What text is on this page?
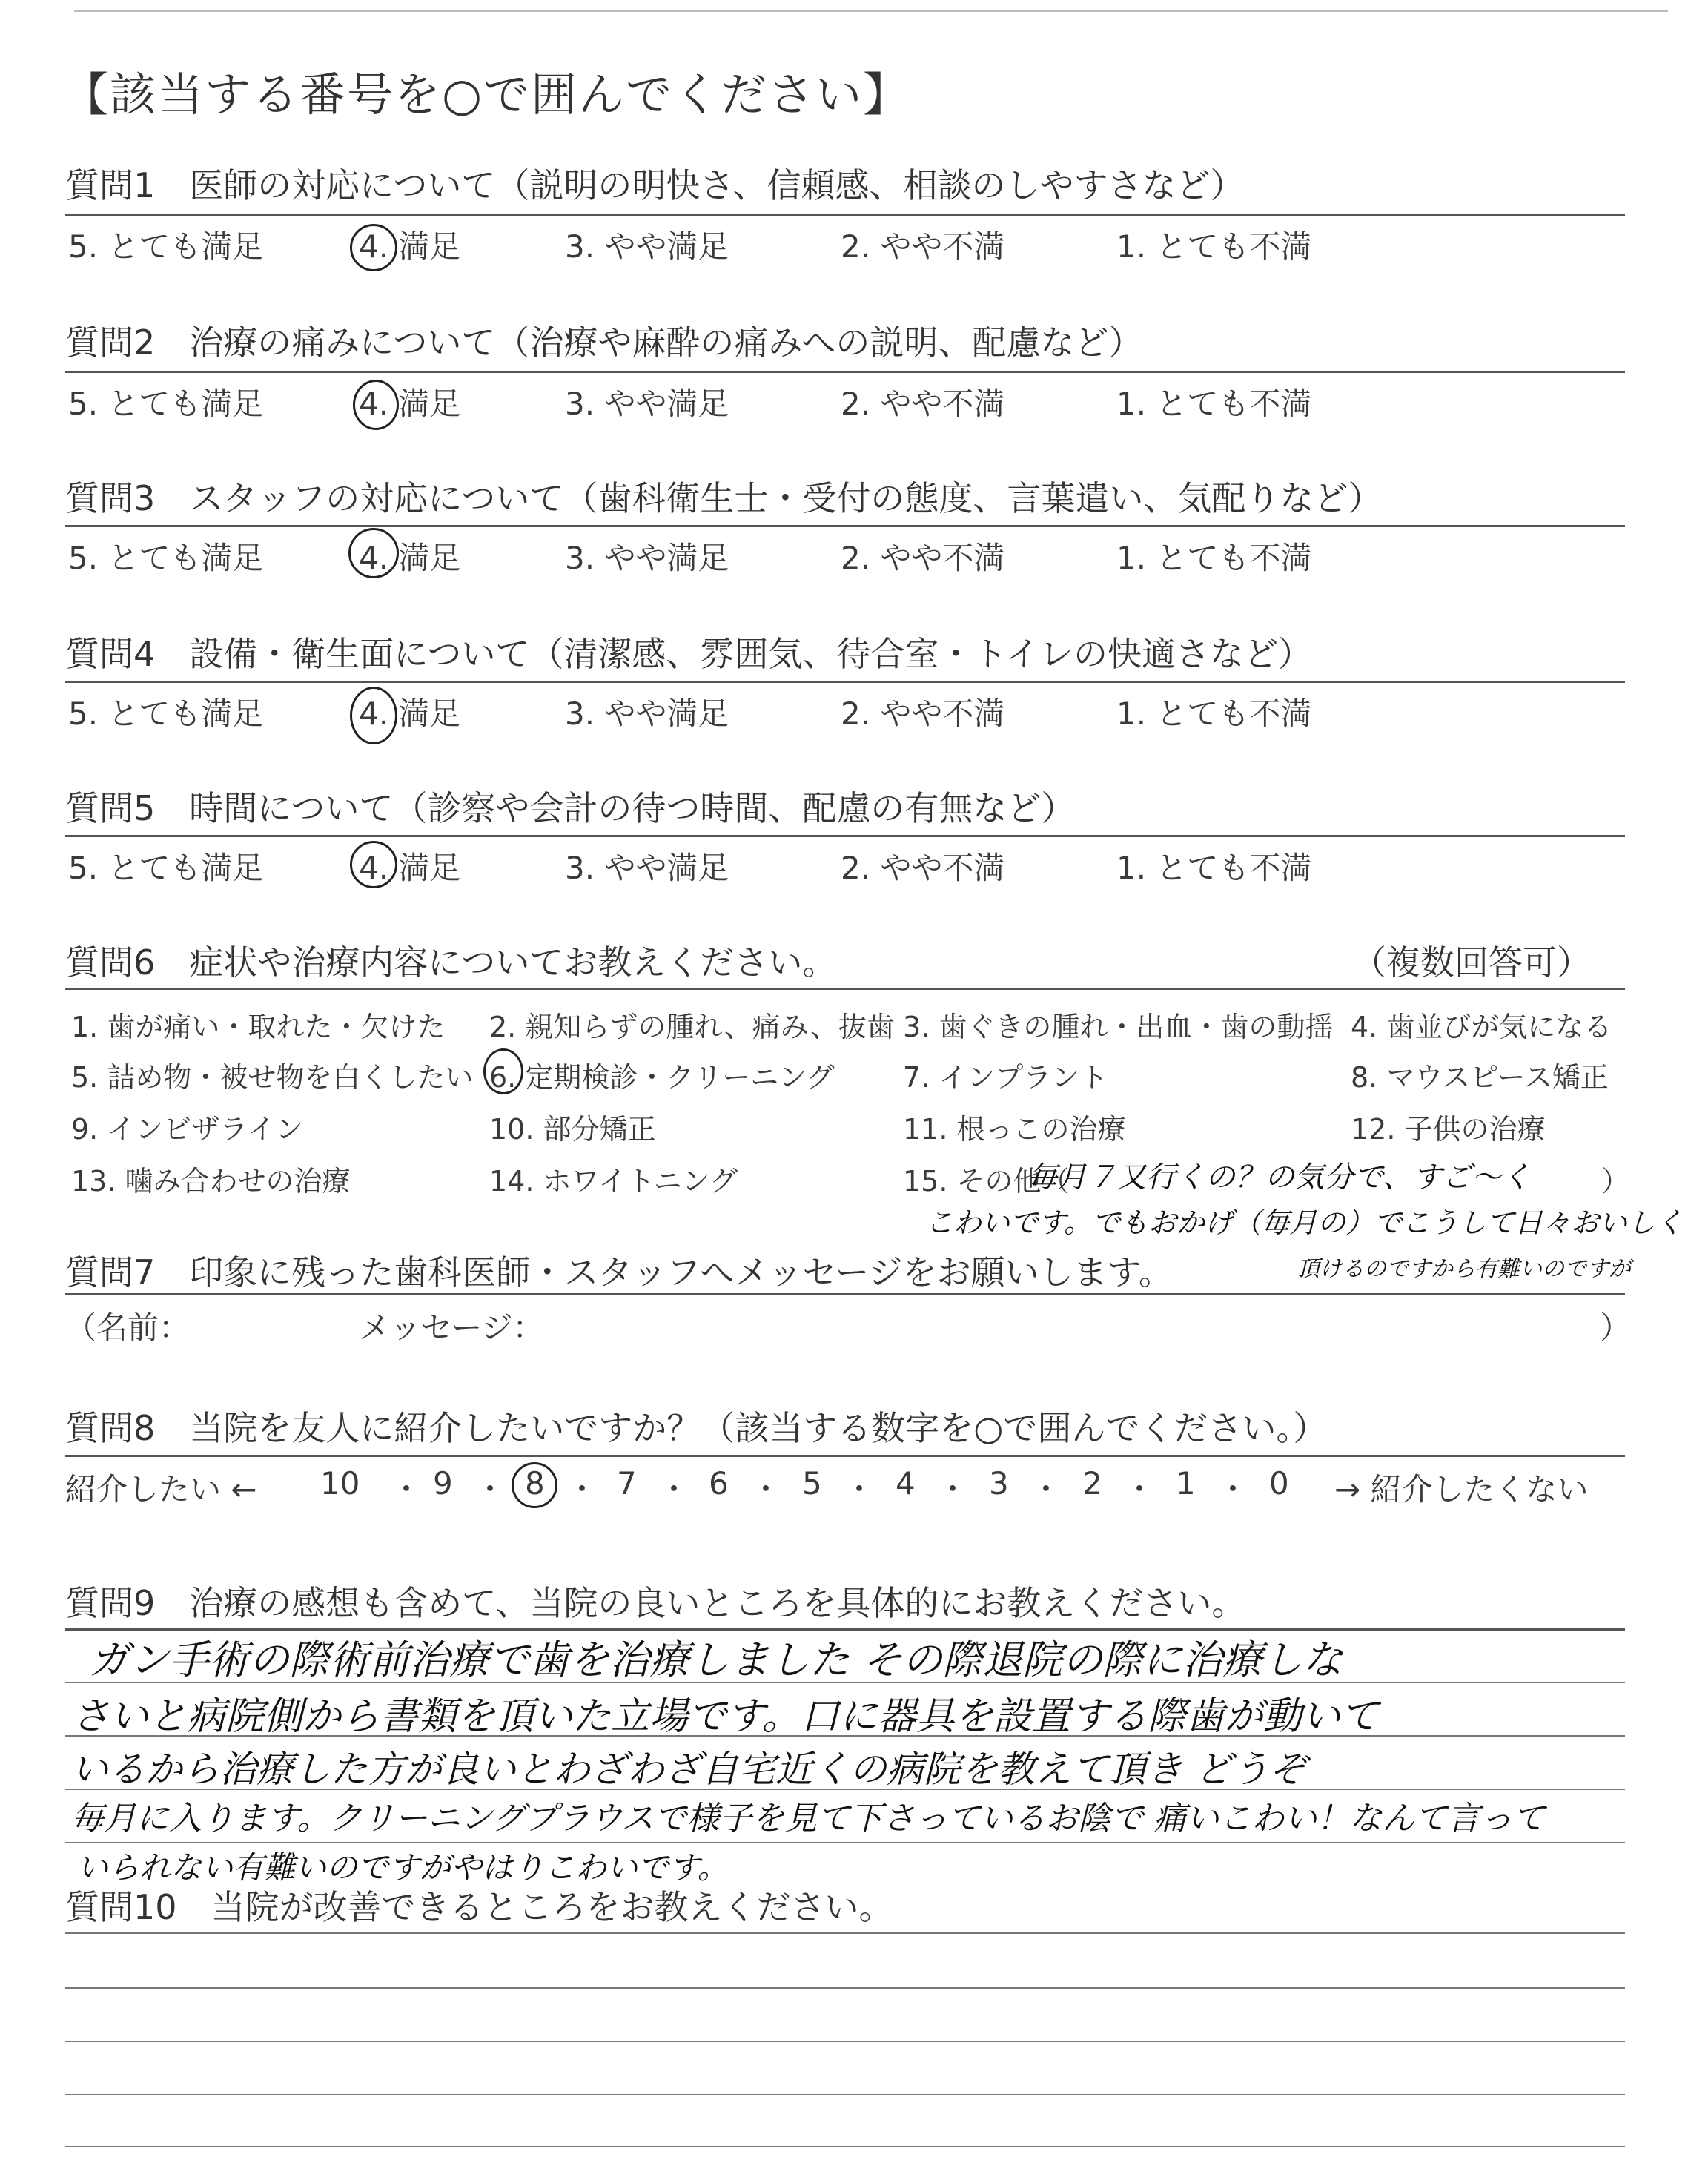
【該当する番号を○で囲んでください】
質問1　医師の対応について（説明の明快さ、信頼感、相談のしやすさなど）
5. とても満足	4. 満足	3. やや満足	2. やや不満	1. とても不満
質問2　治療の痛みについて（治療や麻酔の痛みへの説明、配慮など）
5. とても満足	4. 満足	3. やや満足	2. やや不満	1. とても不満
質問3　スタッフの対応について（歯科衛生士・受付の態度、言葉遣い、気配りなど）
5. とても満足	4. 満足	3. やや満足	2. やや不満	1. とても不満
質問4　設備・衛生面について（清潔感、雰囲気、待合室・トイレの快適さなど）
5. とても満足	4. 満足	3. やや満足	2. やや不満	1. とても不満
質問5　時間について（診察や会計の待つ時間、配慮の有無など）
5. とても満足	4. 満足	3. やや満足	2. やや不満	1. とても不満
質問6　症状や治療内容についてお教えください。	（複数回答可）
1. 歯が痛い・取れた・欠けた 2. 親知らずの腫れ、痛み、抜歯 3. 歯ぐきの腫れ・出血・歯の動揺 4. 歯並びが気になる
5. 詰め物・被せ物を白くしたい 6. 定期検診・クリーニング 7. インプラント	8. マウスピース矯正
9. インビザライン	10. 部分矯正	11. 根っこの治療	12. 子供の治療
13. 噛み合わせの治療	14. ホワイトニング	15. その他（
毎月７又行くの？の気分で、すご〜く ）
こわいです。でもおかげ（毎月の）でこうして日々おいしく
質問7　印象に残った歯科医師・スタッフへメッセージをお願いします。	頂けるのですから有難いのですが
（名前：	メッセージ：	）
質問8　当院を友人に紹介したいですか？（該当する数字を○で囲んでください。）
紹介したい ← 10 ・ 9 ・ 8 ・ 7 ・ 6 ・ 5 ・ 4 ・ 3 ・ 2 ・ 1 ・ 0 → 紹介したくない
質問9　治療の感想も含めて、当院の良いところを具体的にお教えください。
ガン手術の際術前治療で歯を治療しました その際退院の際に治療しな
さいと病院側から書類を頂いた立場です。口に器具を設置する際歯が動いて
いるから治療した方が良いとわざわざ自宅近くの病院を教えて頂き どうぞ
毎月に入ります。クリーニングプラウスで様子を見て下さっているお陰で 痛いこわい！なんて言って
いられない有難いのですがやはりこわいです。
質問10　当院が改善できるところをお教えください。
